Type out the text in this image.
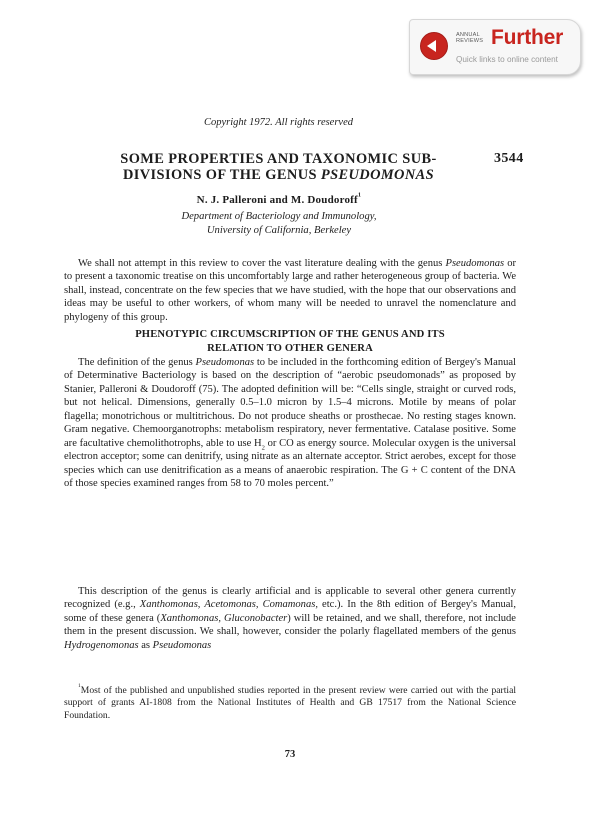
ANNUAL
REVIEWS Further
Quick links to online content
Copyright 1972. All rights reserved
SOME PROPERTIES AND TAXONOMIC SUB-
DIVISIONS OF THE GENUS PSEUDOMONAS
3544
N. J. Palleroni and M. Doudoroff$^{^1}$
Department of Bacteriology and Immunology,
University of California, Berkeley

We shall not attempt in this review to cover the vast literature dealing with the genus Pseudomonas or to present a taxonomic treatise on this uncomfortably large and rather heterogeneous group of bacteria. We shall, instead, concentrate on the few species that we have studied, with the hope that our observations and ideas may be useful to other workers, of whom many will be needed to unravel the nomenclature and phylogeny of this group.

PHENOTYPIC CIRCUMSCRIPTION OF THE GENUS AND ITS
RELATION TO OTHER GENERA

The definition of the genus Pseudomonas to be included in the forthcoming edition of Bergey's Manual of Determinative Bacteriology is based on the description of “aerobic pseudomonads” as proposed by Stanier, Palleroni & Doudoroff (75). The adopted definition will be: “Cells single, straight or curved rods, but not helical. Dimensions, generally 0.5–1.0 micron by 1.5–4 microns. Motile by means of polar flagella; monotrichous or multitrichous. Do not produce sheaths or prosthecae. No resting stages known. Gram negative. Chemoorganotrophs: metabolism respiratory, never fermentative. Catalase positive. Some are facultative chemolithotrophs, able to use $H_2$ or CO as energy source. Molecular oxygen is the universal electron acceptor; some can denitrify, using nitrate as an alternate acceptor. Strict aerobes, except for those species which can use denitrification as a means of anaerobic respiration. The G + C content of the DNA of those species examined ranges from 58 to 70 moles percent.”

This description of the genus is clearly artificial and is applicable to several other genera currently recognized (e.g., Xanthomonas, Acetomonas, Comamonas, etc.). In the 8th edition of Bergey's Manual, some of these genera (Xanthomonas, Gluconobacter) will be retained, and we shall, therefore, not include them in the present discussion. We shall, however, consider the polarly flagellated members of the genus Hydrogenomonas as Pseudomonas

$^{^1}$Most of the published and unpublished studies reported in the present review were carried out with the partial support of grants AI-1808 from the National Institutes of Health and GB 17517 from the National Science Foundation.

73
